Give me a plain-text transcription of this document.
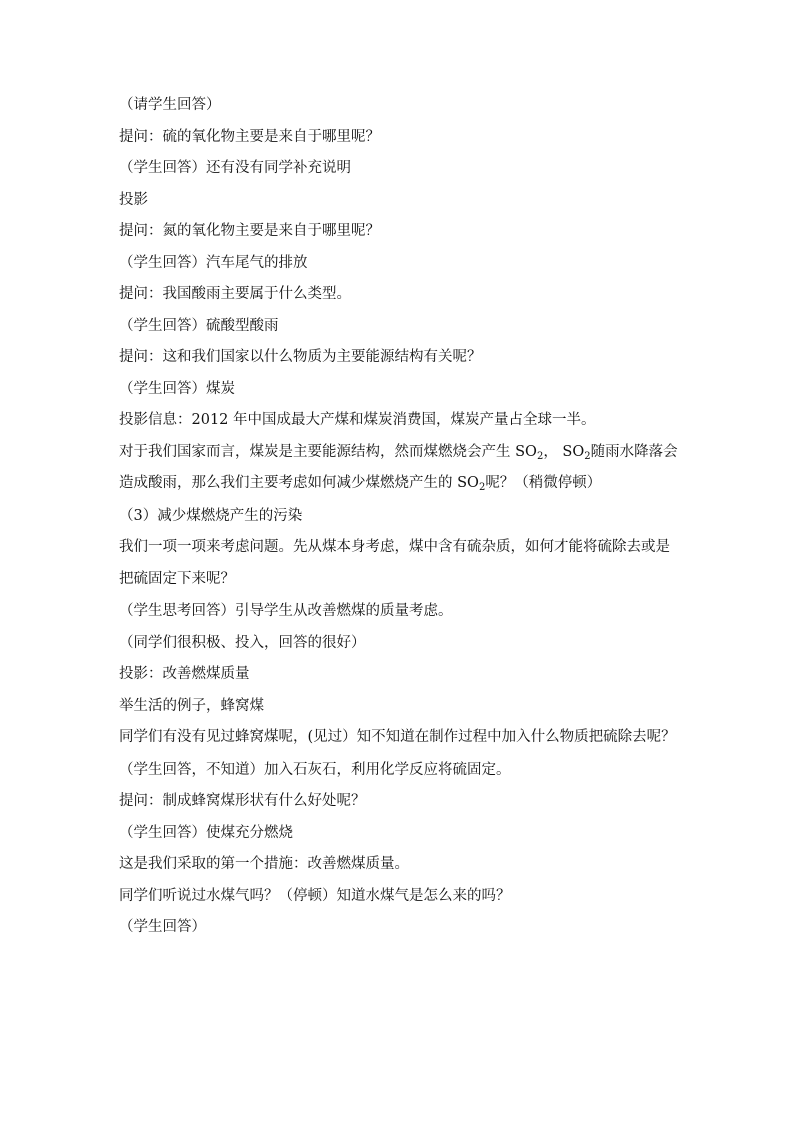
（请学生回答）

提问：硫的氧化物主要是来自于哪里呢？

（学生回答）还有没有同学补充说明

投影

提问：氮的氧化物主要是来自于哪里呢？

（学生回答）汽车尾气的排放

提问：我国酸雨主要属于什么类型。

（学生回答）硫酸型酸雨

提问：这和我们国家以什么物质为主要能源结构有关呢？

（学生回答）煤炭

投影信息：2012 年中国成最大产煤和煤炭消费国，煤炭产量占全球一半。

对于我们国家而言，煤炭是主要能源结构，然而煤燃烧会产生 $SO_2$， $SO_2$随雨水降落会造成酸雨，那么我们主要考虑如何减少煤燃烧产生的 $SO_2$呢？（稍微停顿）

（3）减少煤燃烧产生的污染

我们一项一项来考虑问题。先从煤本身考虑，煤中含有硫杂质，如何才能将硫除去或是把硫固定下来呢？

（学生思考回答）引导学生从改善燃煤的质量考虑。

（同学们很积极、投入，回答的很好）

投影：改善燃煤质量

举生活的例子，蜂窝煤

同学们有没有见过蜂窝煤呢，(见过）知不知道在制作过程中加入什么物质把硫除去呢？

（学生回答，不知道）加入石灰石，利用化学反应将硫固定。

提问：制成蜂窝煤形状有什么好处呢？

（学生回答）使煤充分燃烧

这是我们采取的第一个措施：改善燃煤质量。

同学们听说过水煤气吗？（停顿）知道水煤气是怎么来的吗？

（学生回答）
